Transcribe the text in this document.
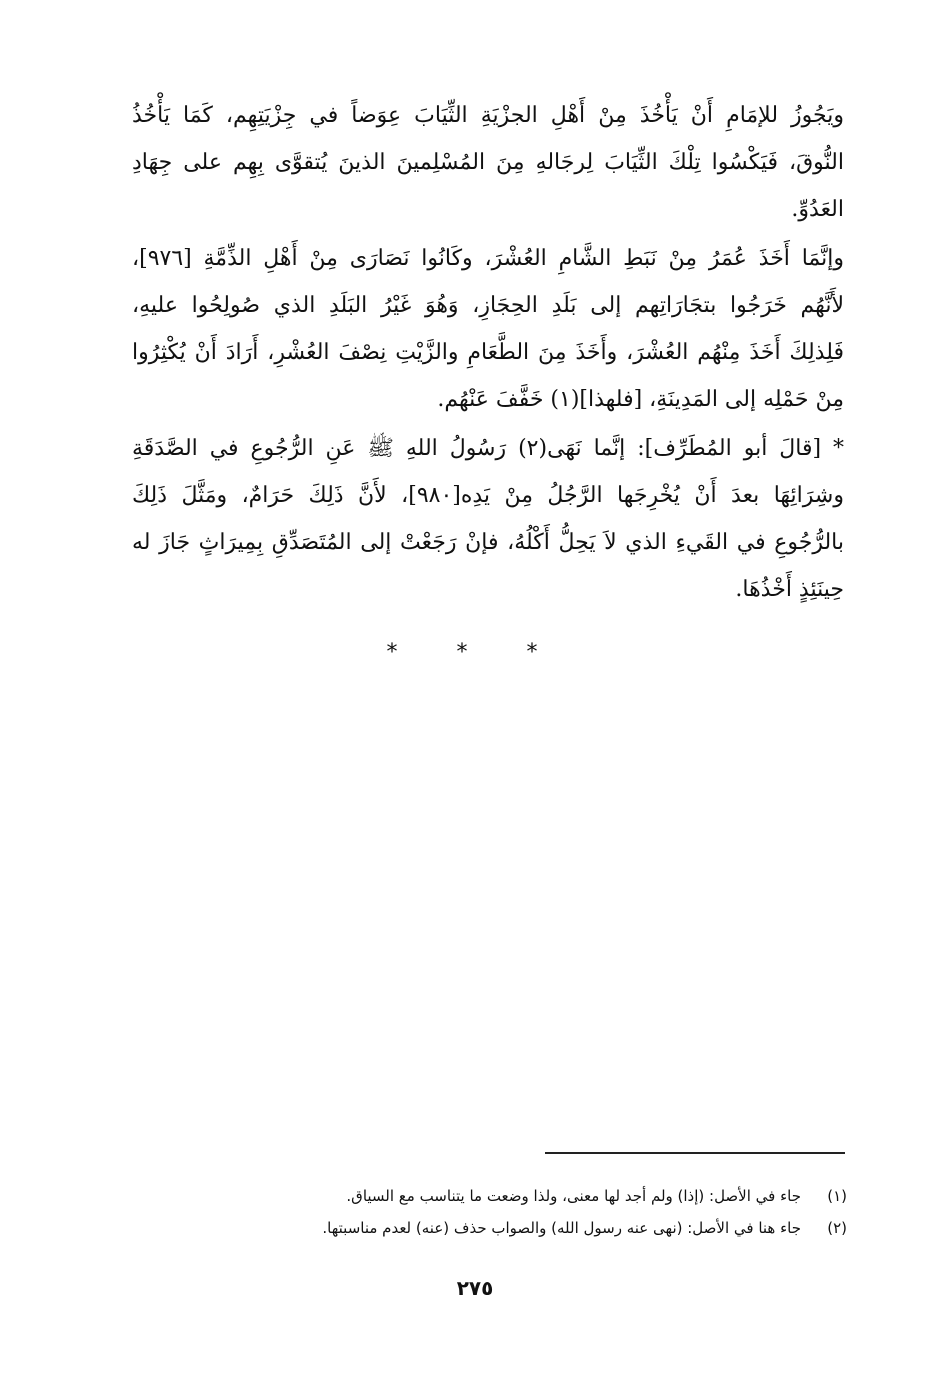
ويَجُوزُ للإمَامِ أَنْ يَأْخُذَ مِنْ أَهْلِ الجزْيَةِ الثِّيَابَ عِوَضاً في جِزْيَتِهِم، كَمَا يَأْخُذُ
النُّوقَ، فَيَكْسُوا تِلْكَ الثِّيَابَ لِرجَالهِ مِنَ المُسْلِمينَ الذينَ يُتقوَّى بِهِم على جِهَادِ
العَدُوِّ.
وإنَّمَا أَخَذَ عُمَرُ مِنْ نَبَطِ الشَّامِ العُشْرَ، وكَانُوا نَصَارَى مِنْ أَهْلِ الذِّمَّةِ [٩٧٦]،
لأَنَّهُم خَرَجُوا بتجَارَاتِهم إلى بَلَدِ الحِجَازِ، وَهُوَ غَيْرُ البَلَدِ الذي صُولِحُوا عليهِ،
فَلِذلِكَ أَخَذَ مِنْهُم العُشْرَ، وأَخَذَ مِنَ الطَّعَامِ والزَّيْتِ نِصْفَ العُشْرِ، أَرَادَ أَنْ يُكْثِرُوا
مِنْ حَمْلِه إلى المَدِينَةِ، [فلهذا](١) خَفَّفَ عَنْهُم.
* [قالَ أبو المُطَرِّف]: إنَّما نَهَى(٢) رَسُولُ اللهِ ﷺ عَنِ الرُّجُوعِ في الصَّدَقَةِ
وشِرَائِهَا بعدَ أَنْ يُخْرِجَها الرَّجُلُ مِنْ يَدِه[٩٨٠]، لأَنَّ ذَلِكَ حَرَامٌ، ومَثَّلَ ذَلِكَ
بالرُّجُوعِ في القَيءِ الذي لاَ يَحِلُّ أَكْلُهُ، فإنْ رَجَعْتْ إلى المُتَصَدِّقِ بِمِيرَاثٍ جَازَ له
حِينَئِذٍ أَخْذُهَا.
* * *
(١)
جاء في الأصل: (إذا) ولم أجد لها معنى، ولذا وضعت ما يتناسب مع السياق.
(٢)
جاء هنا في الأصل: (نهى عنه رسول الله) والصواب حذف (عنه) لعدم مناسبتها.
٢٧٥
